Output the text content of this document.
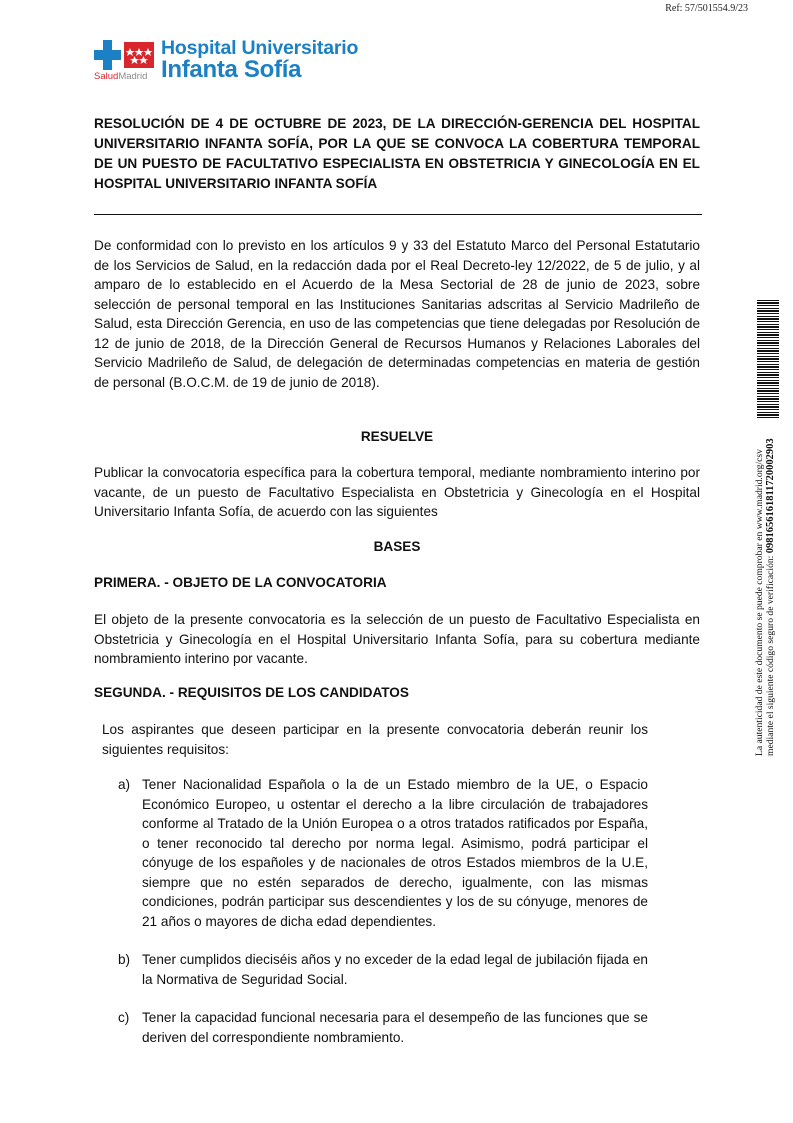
Ref: 57/501554.9/23
SaludMadrid
Hospital Universitario
Infanta Sofía
RESOLUCIÓN DE 4 DE OCTUBRE DE 2023, DE LA DIRECCIÓN-GERENCIA DEL HOSPITAL UNIVERSITARIO INFANTA SOFÍA, POR LA QUE SE CONVOCA LA COBERTURA TEMPORAL DE UN PUESTO DE FACULTATIVO ESPECIALISTA EN OBSTETRICIA Y GINECOLOGÍA EN EL HOSPITAL UNIVERSITARIO INFANTA SOFÍA
De conformidad con lo previsto en los artículos 9 y 33 del Estatuto Marco del Personal Estatutario de los Servicios de Salud, en la redacción dada por el Real Decreto-ley 12/2022, de 5 de julio, y al amparo de lo establecido en el Acuerdo de la Mesa Sectorial de 28 de junio de 2023, sobre selección de personal temporal en las Instituciones Sanitarias adscritas al Servicio Madrileño de Salud, esta Dirección Gerencia, en uso de las competencias que tiene delegadas por Resolución de 12 de junio de 2018, de la Dirección General de Recursos Humanos y Relaciones Laborales del Servicio Madrileño de Salud, de delegación de determinadas competencias en materia de gestión de personal (B.O.C.M. de 19 de junio de 2018).
RESUELVE
Publicar la convocatoria específica para la cobertura temporal, mediante nombramiento interino por vacante, de un puesto de Facultativo Especialista en Obstetricia y Ginecología en el Hospital Universitario Infanta Sofía, de acuerdo con las siguientes
BASES
PRIMERA. - OBJETO DE LA CONVOCATORIA
El objeto de la presente convocatoria es la selección de un puesto de Facultativo Especialista en Obstetricia y Ginecología en el Hospital Universitario Infanta Sofía, para su cobertura mediante nombramiento interino por vacante.
SEGUNDA. - REQUISITOS DE LOS CANDIDATOS
Los aspirantes que deseen participar en la presente convocatoria deberán reunir los siguientes requisitos:
a) Tener Nacionalidad Española o la de un Estado miembro de la UE, o Espacio Económico Europeo, u ostentar el derecho a la libre circulación de trabajadores conforme al Tratado de la Unión Europea o a otros tratados ratificados por España, o tener reconocido tal derecho por norma legal. Asimismo, podrá participar el cónyuge de los españoles y de nacionales de otros Estados miembros de la U.E, siempre que no estén separados de derecho, igualmente, con las mismas condiciones, podrán participar sus descendientes y los de su cónyuge, menores de 21 años o mayores de dicha edad dependientes.
b) Tener cumplidos dieciséis años y no exceder de la edad legal de jubilación fijada en la Normativa de Seguridad Social.
c) Tener la capacidad funcional necesaria para el desempeño de las funciones que se deriven del correspondiente nombramiento.
La autenticidad de este documento se puede comprobar en www.madrid.org/csv mediante el siguiente código seguro de verificación: 0981656161811720002903
